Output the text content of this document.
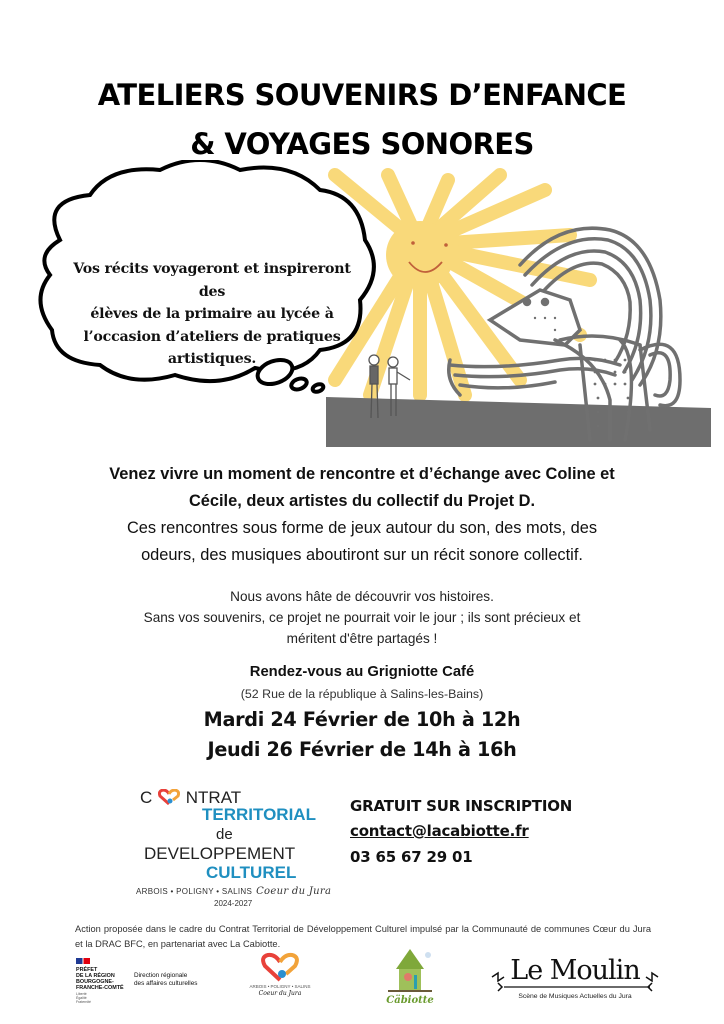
ATELIERS SOUVENIRS D’ENFANCE
& VOYAGES SONORES
Vos récits voyageront et inspireront des
élèves de la primaire au lycée à
l’occasion d’ateliers de pratiques
artistiques.
Venez vivre un moment de rencontre et d’échange avec Coline et
Cécile, deux artistes du collectif du Projet D.
Ces rencontres sous forme de jeux autour du son, des mots, des
odeurs, des musiques aboutiront sur un récit sonore collectif.
Nous avons hâte de découvrir vos histoires.
Sans vos souvenirs, ce projet ne pourrait voir le jour ; ils sont précieux et
méritent d'être partagés !
Rendez-vous au Grigniotte Café
(52 Rue de la république à Salins-les-Bains)
Mardi 24 Février de 10h à 12h
Jeudi 26 Février de 14h à 16h
C NTRAT
TERRITORIAL
de
DEVELOPPEMENT
CULTUREL
ARBOIS • POLIGNY • SALINS Coeur du Jura
2024-2027
GRATUIT SUR INSCRIPTION
contact@lacabiotte.fr
03 65 67 29 01
Action proposée dans le cadre du Contrat Territorial de Développement Culturel impulsé par la Communauté de communes Cœur du Jura et la DRAC BFC, en partenariat avec La Cabiotte.
PRÉFET
DE LA RÉGION
BOURGOGNE-
FRANCHE-COMTÉ
Liberté
Égalité
Fraternité
Direction régionale
des affaires culturelles	ARBOIS • POLIGNY • SALINS
Coeur du Jura
Cäbiotte
Le Moulin
Scène de Musiques Actuelles du Jura
